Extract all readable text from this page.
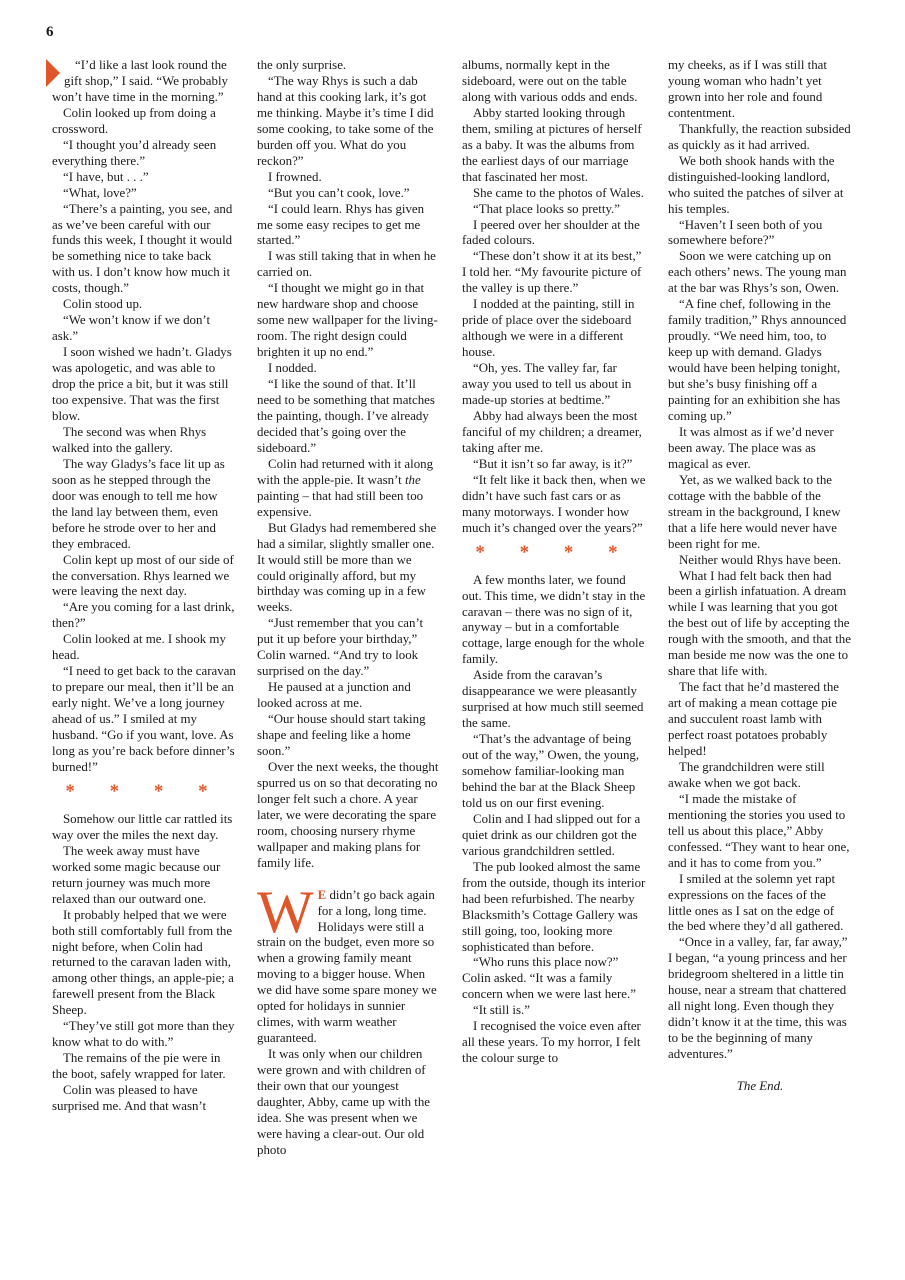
6

“I’d like a last look round the gift shop,” I said. “We probably won’t have time in the morning.”

Colin looked up from doing a crossword.

“I thought you’d already seen everything there.”

“I have, but . . .”

“What, love?”

“There’s a painting, you see, and as we’ve been careful with our funds this week, I thought it would be something nice to take back with us. I don’t know how much it costs, though.”

Colin stood up.

“We won’t know if we don’t ask.”

I soon wished we hadn’t. Gladys was apologetic, and was able to drop the price a bit, but it was still too expensive. That was the first blow.

The second was when Rhys walked into the gallery.

The way Gladys’s face lit up as soon as he stepped through the door was enough to tell me how the land lay between them, even before he strode over to her and they embraced.

Colin kept up most of our side of the conversation. Rhys learned we were leaving the next day.

“Are you coming for a last drink, then?”

Colin looked at me. I shook my head.

“I need to get back to the caravan to prepare our meal, then it’ll be an early night. We’ve a long journey ahead of us.” I smiled at my husband. “Go if you want, love. As long as you’re back before dinner’s burned!”

* * * *

Somehow our little car rattled its way over the miles the next day.

The week away must have worked some magic because our return journey was much more relaxed than our outward one.

It probably helped that we were both still comfortably full from the night before, when Colin had returned to the caravan laden with, among other things, an apple-pie; a farewell present from the Black Sheep.

“They’ve still got more than they know what to do with.”

The remains of the pie were in the boot, safely wrapped for later.

Colin was pleased to have surprised me. And that wasn’t

the only surprise.

“The way Rhys is such a dab hand at this cooking lark, it’s got me thinking. Maybe it’s time I did some cooking, to take some of the burden off you. What do you reckon?”

I frowned.

“But you can’t cook, love.”

“I could learn. Rhys has given me some easy recipes to get me started.”

I was still taking that in when he carried on.

“I thought we might go in that new hardware shop and choose some new wallpaper for the living-room. The right design could brighten it up no end.”

I nodded.

“I like the sound of that. It’ll need to be something that matches the painting, though. I’ve already decided that’s going over the sideboard.”

Colin had returned with it along with the apple-pie. It wasn’t the painting – that had still been too expensive.

But Gladys had remembered she had a similar, slightly smaller one. It would still be more than we could originally afford, but my birthday was coming up in a few weeks.

“Just remember that you can’t put it up before your birthday,” Colin warned. “And try to look surprised on the day.”

He paused at a junction and looked across at me.

“Our house should start taking shape and feeling like a home soon.”

Over the next weeks, the thought spurred us on so that decorating no longer felt such a chore. A year later, we were decorating the spare room, choosing nursery rhyme wallpaper and making plans for family life.

W E didn’t go back again for a long, long time. Holidays were still a strain on the budget, even more so when a growing family meant moving to a bigger house. When we did have some spare money we opted for holidays in sunnier climes, with warm weather guaranteed.

It was only when our children were grown and with children of their own that our youngest daughter, Abby, came up with the idea. She was present when we were having a clear-out. Our old photo

albums, normally kept in the sideboard, were out on the table along with various odds and ends.

Abby started looking through them, smiling at pictures of herself as a baby. It was the albums from the earliest days of our marriage that fascinated her most.

She came to the photos of Wales.

“That place looks so pretty.”

I peered over her shoulder at the faded colours.

“These don’t show it at its best,” I told her. “My favourite picture of the valley is up there.”

I nodded at the painting, still in pride of place over the sideboard although we were in a different house.

“Oh, yes. The valley far, far away you used to tell us about in made-up stories at bedtime.”

Abby had always been the most fanciful of my children; a dreamer, taking after me.

“But it isn’t so far away, is it?”

“It felt like it back then, when we didn’t have such fast cars or as many motorways. I wonder how much it’s changed over the years?”

* * * *

A few months later, we found out. This time, we didn’t stay in the caravan – there was no sign of it, anyway – but in a comfortable cottage, large enough for the whole family.

Aside from the caravan’s disappearance we were pleasantly surprised at how much still seemed the same.

“That’s the advantage of being out of the way,” Owen, the young, somehow familiar-looking man behind the bar at the Black Sheep told us on our first evening.

Colin and I had slipped out for a quiet drink as our children got the various grandchildren settled.

The pub looked almost the same from the outside, though its interior had been refurbished. The nearby Blacksmith’s Cottage Gallery was still going, too, looking more sophisticated than before.

“Who runs this place now?” Colin asked. “It was a family concern when we were last here.”

“It still is.”

I recognised the voice even after all these years. To my horror, I felt the colour surge to

my cheeks, as if I was still that young woman who hadn’t yet grown into her role and found contentment.

Thankfully, the reaction subsided as quickly as it had arrived.

We both shook hands with the distinguished-looking landlord, who suited the patches of silver at his temples.

“Haven’t I seen both of you somewhere before?”

Soon we were catching up on each others’ news. The young man at the bar was Rhys’s son, Owen.

“A fine chef, following in the family tradition,” Rhys announced proudly. “We need him, too, to keep up with demand. Gladys would have been helping tonight, but she’s busy finishing off a painting for an exhibition she has coming up.”

It was almost as if we’d never been away. The place was as magical as ever.

Yet, as we walked back to the cottage with the babble of the stream in the background, I knew that a life here would never have been right for me.

Neither would Rhys have been.

What I had felt back then had been a girlish infatuation. A dream while I was learning that you got the best out of life by accepting the rough with the smooth, and that the man beside me now was the one to share that life with.

The fact that he’d mastered the art of making a mean cottage pie and succulent roast lamb with perfect roast potatoes probably helped!

The grandchildren were still awake when we got back.

“I made the mistake of mentioning the stories you used to tell us about this place,” Abby confessed. “They want to hear one, and it has to come from you.”

I smiled at the solemn yet rapt expressions on the faces of the little ones as I sat on the edge of the bed where they’d all gathered.

“Once in a valley, far, far away,” I began, “a young princess and her bridegroom sheltered in a little tin house, near a stream that chattered all night long. Even though they didn’t know it at the time, this was to be the beginning of many adventures.”

The End.
